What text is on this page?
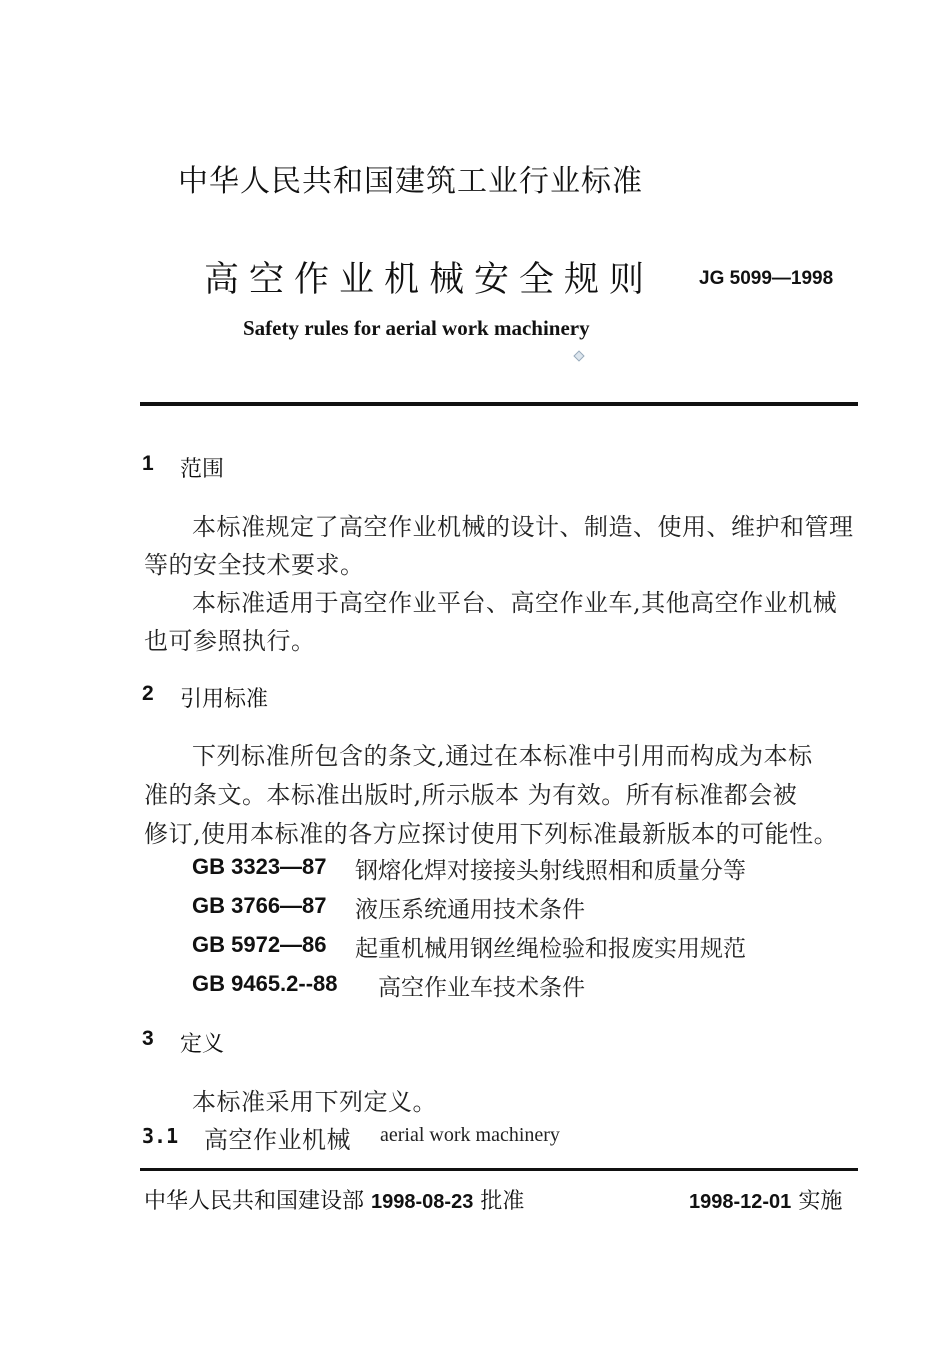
中华人民共和国建筑工业行业标准
高空作业机械安全规则 JG 5099—1998
Safety rules for aerial work machinery
1 范围
本标准规定了高空作业机械的设计、制造、使用、维护和管理
等的安全技术要求。
本标准适用于高空作业平台、高空作业车,其他高空作业机械
也可参照执行。
2 引用标准
下列标准所包含的条文,通过在本标准中引用而构成为本标
准的条文。本标准出版时,所示版本 为有效。所有标准都会被
修订,使用本标准的各方应探讨使用下列标准最新版本的可能性。
GB 3323—87 钢熔化焊对接接头射线照相和质量分等
GB 3766—87 液压系统通用技术条件
GB 5972—86 起重机械用钢丝绳检验和报废实用规范
GB 9465.2--88 高空作业车技术条件
3 定义
本标准采用下列定义。
3.1 高空作业机械 aerial work machinery
中华人民共和国建设部 1998-08-23 批准	1998-12-01 实施
